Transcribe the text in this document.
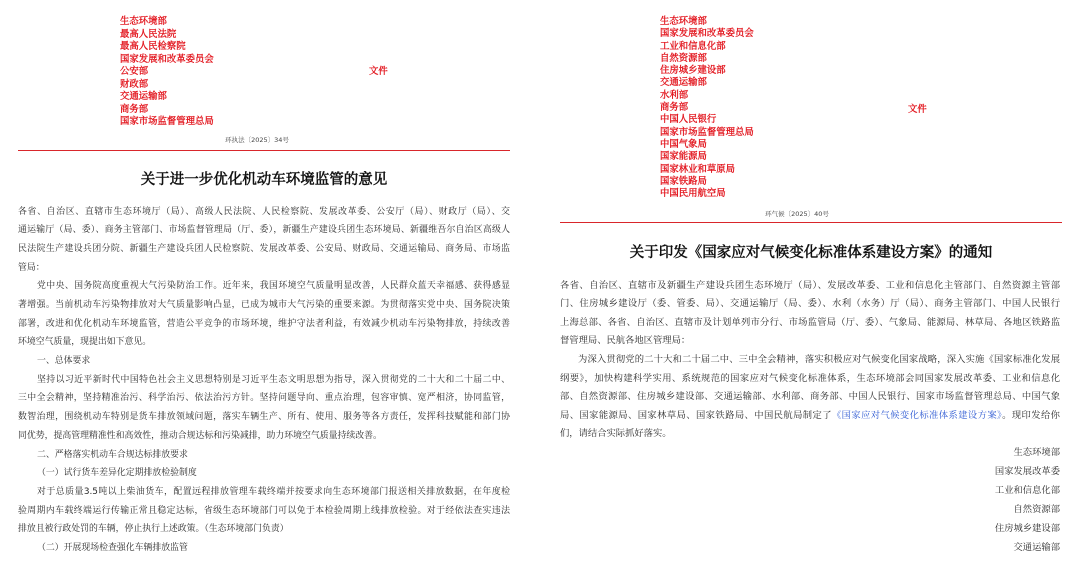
生态环境部
最高人民法院
最高人民检察院
国家发展和改革委员会
公安部
财政部
交通运输部
商务部
国家市场监督管理总局
文件
环执法〔2025〕34号
关于进一步优化机动车环境监管的意见
各省、自治区、直辖市生态环境厅（局）、高级人民法院、人民检察院、发展改革委、公安厅（局）、财政厅（局）、交
通运输厅（局、委）、商务主管部门、市场监督管理局（厅、委），新疆生产建设兵团生态环境局、新疆维吾尔自治区高级人
民法院生产建设兵团分院、新疆生产建设兵团人民检察院、发展改革委、公安局、财政局、交通运输局、商务局、市场监
管局：
党中央、国务院高度重视大气污染防治工作。近年来，我国环境空气质量明显改善，人民群众蓝天幸福感、获得感显
著增强。当前机动车污染物排放对大气质量影响凸显，已成为城市大气污染的重要来源。为贯彻落实党中央、国务院决策
部署，改进和优化机动车环境监管，营造公平竞争的市场环境，维护守法者利益，有效减少机动车污染物排放，持续改善
环境空气质量，现提出如下意见。
一、总体要求
坚持以习近平新时代中国特色社会主义思想特别是习近平生态文明思想为指导，深入贯彻党的二十大和二十届二中、
三中全会精神，坚持精准治污、科学治污、依法治污方针。坚持问题导向、重点治理，包容审慎、宽严相济，协同监管，
数智治理，围绕机动车特别是货车排放领域问题，落实车辆生产、所有、使用、服务等各方责任，发挥科技赋能和部门协
同优势，提高管理精准性和高效性，推动合规达标和污染减排，助力环境空气质量持续改善。
二、严格落实机动车合规达标排放要求
（一）试行货车差异化定期排放检验制度
对于总质量3.5吨以上柴油货车，配置远程排放管理车载终端并按要求向生态环境部门报送相关排放数据，在年度检
验周期内车载终端运行传输正常且稳定达标，省级生态环境部门可以免于本检验周期上线排放检验。对于经依法查实违法
排放且被行政处罚的车辆，停止执行上述政策。（生态环境部门负责）
（二）开展现场检查强化车辆排放监管
生态环境部
国家发展和改革委员会
工业和信息化部
自然资源部
住房城乡建设部
交通运输部
水利部
商务部
中国人民银行
国家市场监督管理总局
中国气象局
国家能源局
国家林业和草原局
国家铁路局
中国民用航空局
文件
环气候〔2025〕40号
关于印发《国家应对气候变化标准体系建设方案》的通知
各省、自治区、直辖市及新疆生产建设兵团生态环境厅（局）、发展改革委、工业和信息化主管部门、自然资源主管部
门、住房城乡建设厅（委、管委、局）、交通运输厅（局、委）、水利（水务）厅（局）、商务主管部门、中国人民银行
上海总部、各省、自治区、直辖市及计划单列市分行、市场监管局（厅、委）、气象局、能源局、林草局、各地区铁路监
督管理局、民航各地区管理局：
为深入贯彻党的二十大和二十届二中、三中全会精神，落实积极应对气候变化国家战略，深入实施《国家标准化发展
纲要》，加快构建科学实用、系统规范的国家应对气候变化标准体系，生态环境部会同国家发展改革委、工业和信息化
部、自然资源部、住房城乡建设部、交通运输部、水利部、商务部、中国人民银行、国家市场监督管理总局、中国气象
局、国家能源局、国家林草局、国家铁路局、中国民航局制定了《国家应对气候变化标准体系建设方案》。现印发给你
们，请结合实际抓好落实。
生态环境部
国家发展改革委
工业和信息化部
自然资源部
住房城乡建设部
交通运输部
